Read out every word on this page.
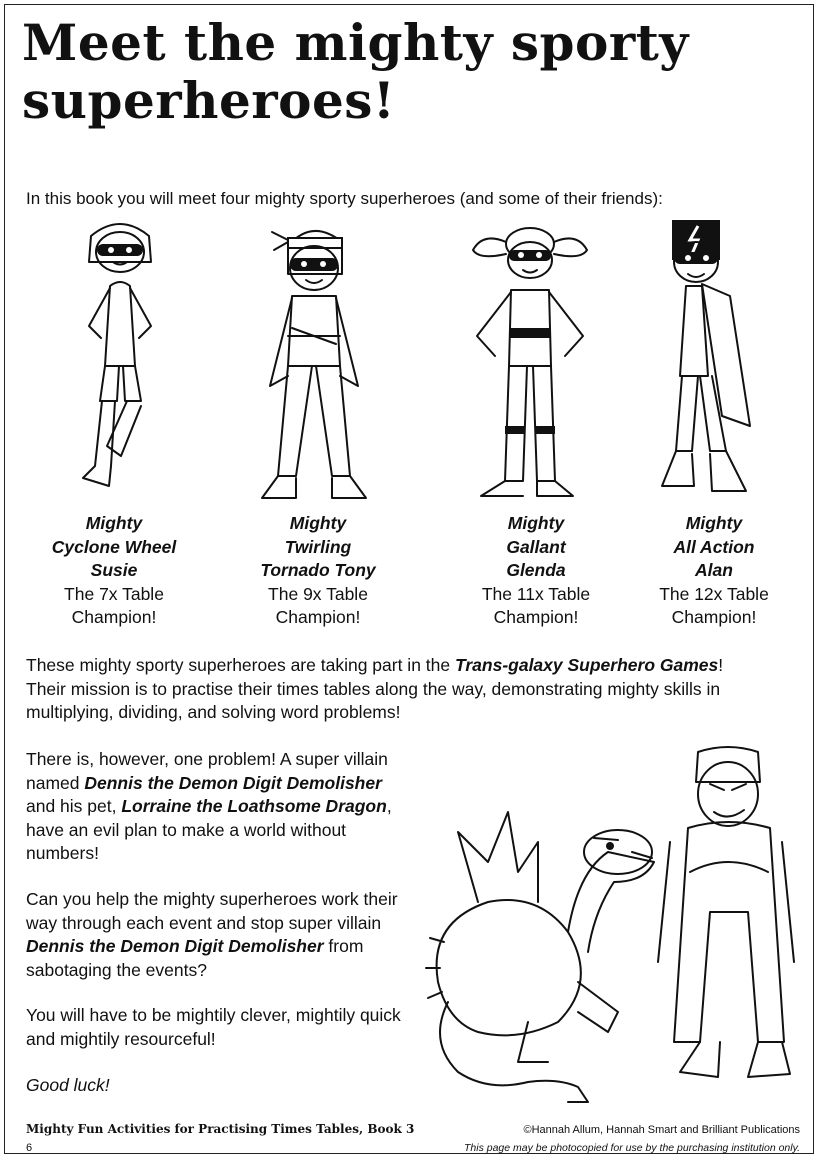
Meet the mighty sporty superheroes!

In this book you will meet four mighty sporty superheroes (and some of their friends):

Mighty
Cyclone Wheel
Susie
The 7x Table
Champion!
Mighty
Twirling
Tornado Tony
The 9x Table
Champion!
Mighty
Gallant
Glenda
The 11x Table
Champion!
Mighty
All Action
Alan
The 12x Table
Champion!

These mighty sporty superheroes are taking part in the Trans-galaxy Superhero Games! Their mission is to practise their times tables along the way, demonstrating mighty skills in multiplying, dividing, and solving word problems!

There is, however, one problem! A super villain named Dennis the Demon Digit Demolisher and his pet, Lorraine the Loathsome Dragon, have an evil plan to make a world without numbers!

Can you help the mighty superheroes work their way through each event and stop super villain Dennis the Demon Digit Demolisher from sabotaging the events?

You will have to be mightily clever, mightily quick and mightily resourceful!

Good luck!

Mighty Fun Activities for Practising Times Tables, Book 3
6
©Hannah Allum, Hannah Smart and Brilliant Publications
This page may be photocopied for use by the purchasing institution only.
